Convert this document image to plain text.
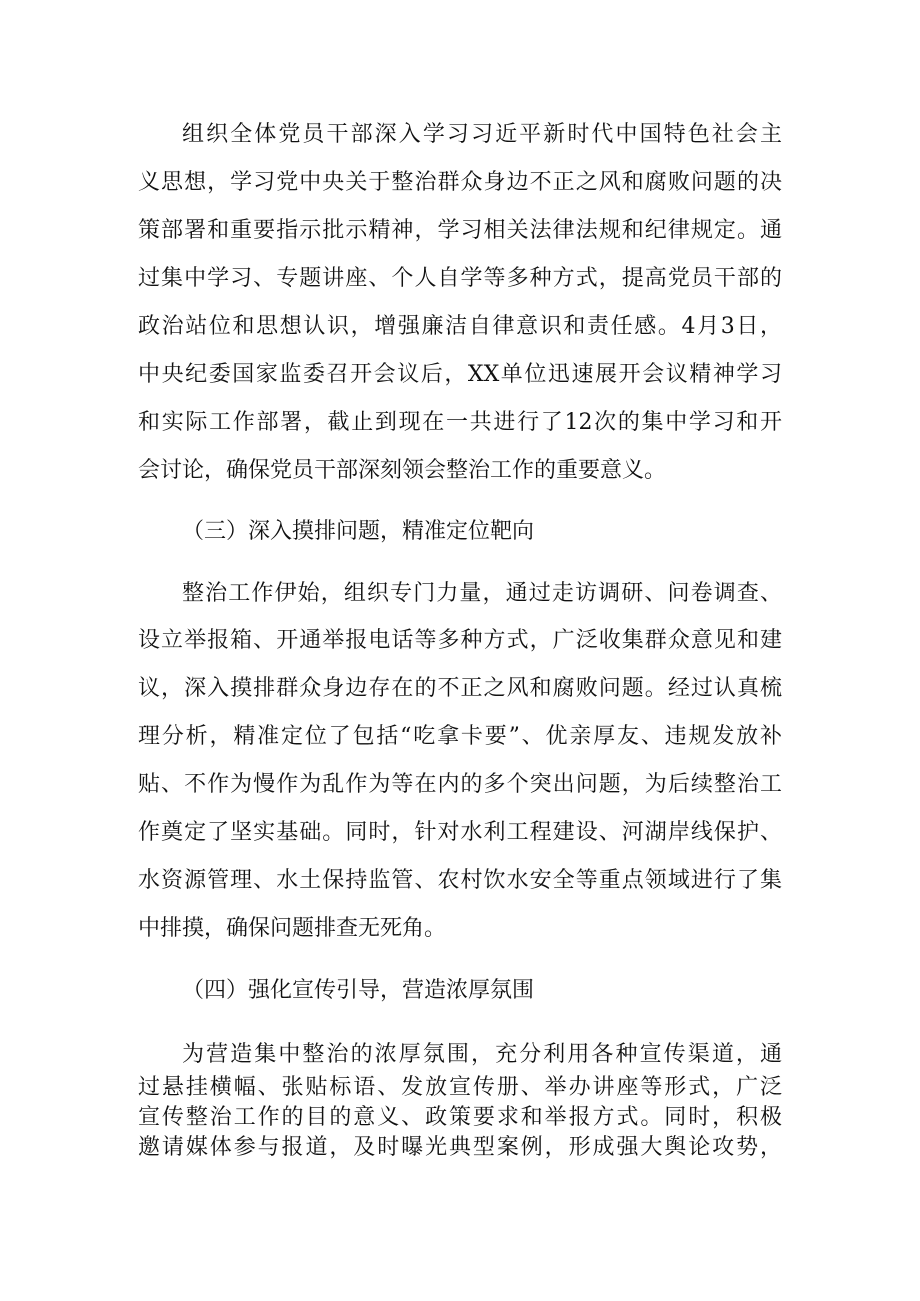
组织全体党员干部深入学习习近平新时代中国特色社会主
义思想，学习党中央关于整治群众身边不正之风和腐败问题的决
策部署和重要指示批示精神，学习相关法律法规和纪律规定。通
过集中学习、专题讲座、个人自学等多种方式，提高党员干部的
政治站位和思想认识，增强廉洁自律意识和责任感。4月3日，
中央纪委国家监委召开会议后，XX单位迅速展开会议精神学习
和实际工作部署，截止到现在一共进行了12次的集中学习和开
会讨论，确保党员干部深刻领会整治工作的重要意义。
（三）深入摸排问题，精准定位靶向
整治工作伊始，组织专门力量，通过走访调研、问卷调查、
设立举报箱、开通举报电话等多种方式，广泛收集群众意见和建
议，深入摸排群众身边存在的不正之风和腐败问题。经过认真梳
理分析，精准定位了包括“吃拿卡要”、优亲厚友、违规发放补
贴、不作为慢作为乱作为等在内的多个突出问题，为后续整治工
作奠定了坚实基础。同时，针对水利工程建设、河湖岸线保护、
水资源管理、水土保持监管、农村饮水安全等重点领域进行了集
中排摸，确保问题排查无死角。
（四）强化宣传引导，营造浓厚氛围
为营造集中整治的浓厚氛围，充分利用各种宣传渠道，通
过悬挂横幅、张贴标语、发放宣传册、举办讲座等形式，广泛
宣传整治工作的目的意义、政策要求和举报方式。同时，积极
邀请媒体参与报道，及时曝光典型案例，形成强大舆论攻势，
